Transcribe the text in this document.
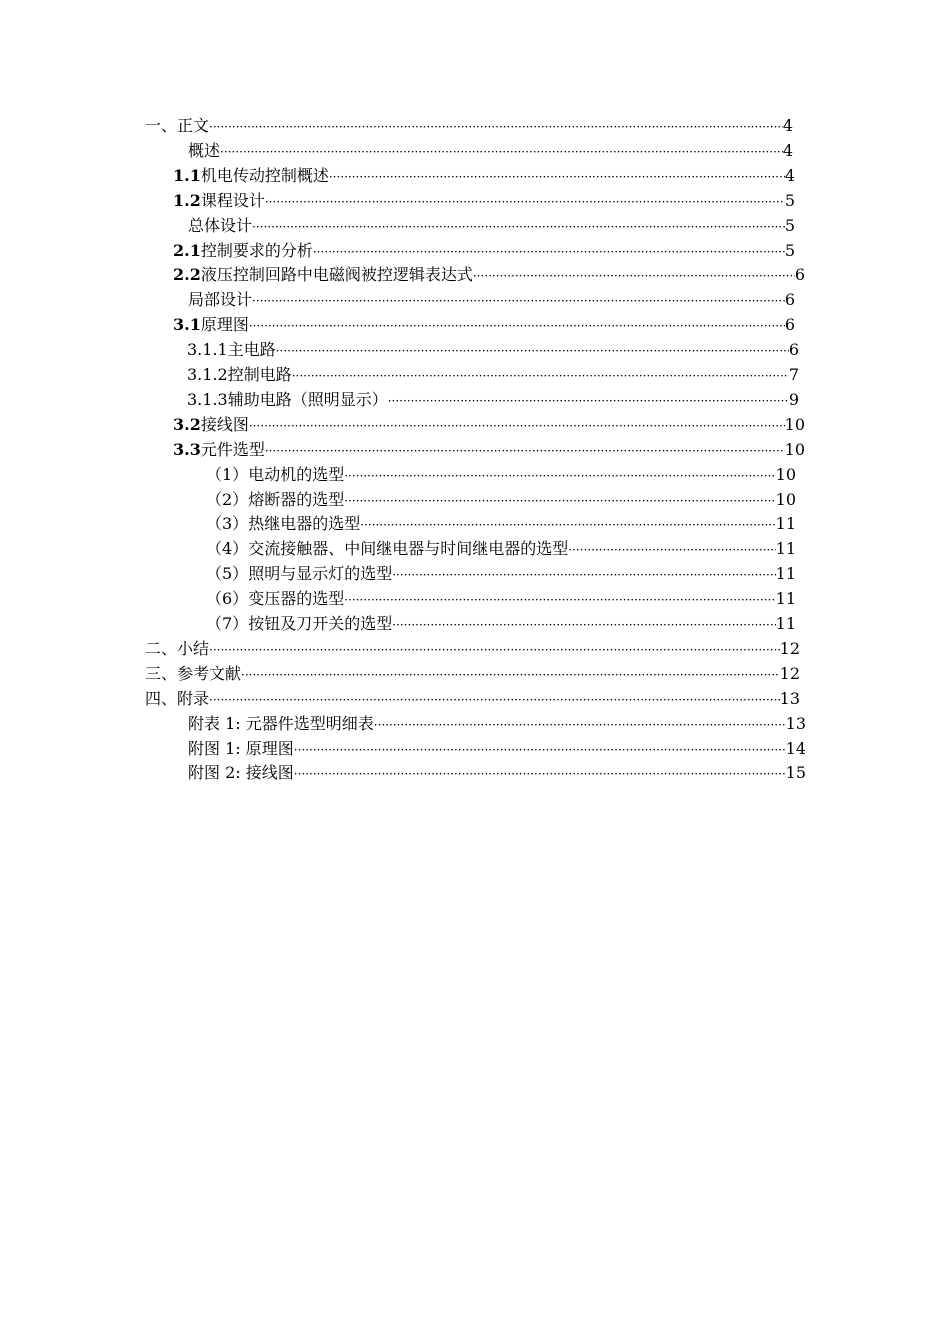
一、 正文 ·····	4
概述 ·····	4
1.1 机电传动控制概述 ·····	4
1.2 课程设计 ·····	5
总体设计 ·····	5
2.1 控制要求的分析 ·····	5
2.2 液压控制回路中电磁阀被控逻辑表达式 ·····	6
局部设计 ·····	6
3.1 原理图 ·····	6
3.1.1 主电路 ·····	6
3.1.2 控制电路 ·····	7
3.1.3 辅助电路（照明显示） ·····	9
3.2 接线图 ·····	10
3.3 元件选型 ·····	10
（1） 电动机的选型 ·····	10
（2） 熔断器的选型 ·····	10
（3） 热继电器的选型 ·····	11
（4） 交流接触器、中间继电器与时间继电器的选型 ·····	11
（5） 照明与显示灯的选型 ·····	11
（6） 变压器的选型 ·····	11
（7） 按钮及刀开关的选型 ·····	11
二、 小结 ·····	12
三、 参考文献 ·····	12
四、 附录 ·····	13
附表 1: 元器件选型明细表 ·····	13
附图 1: 原理图 ·····	14
附图 2: 接线图 ·····	15
